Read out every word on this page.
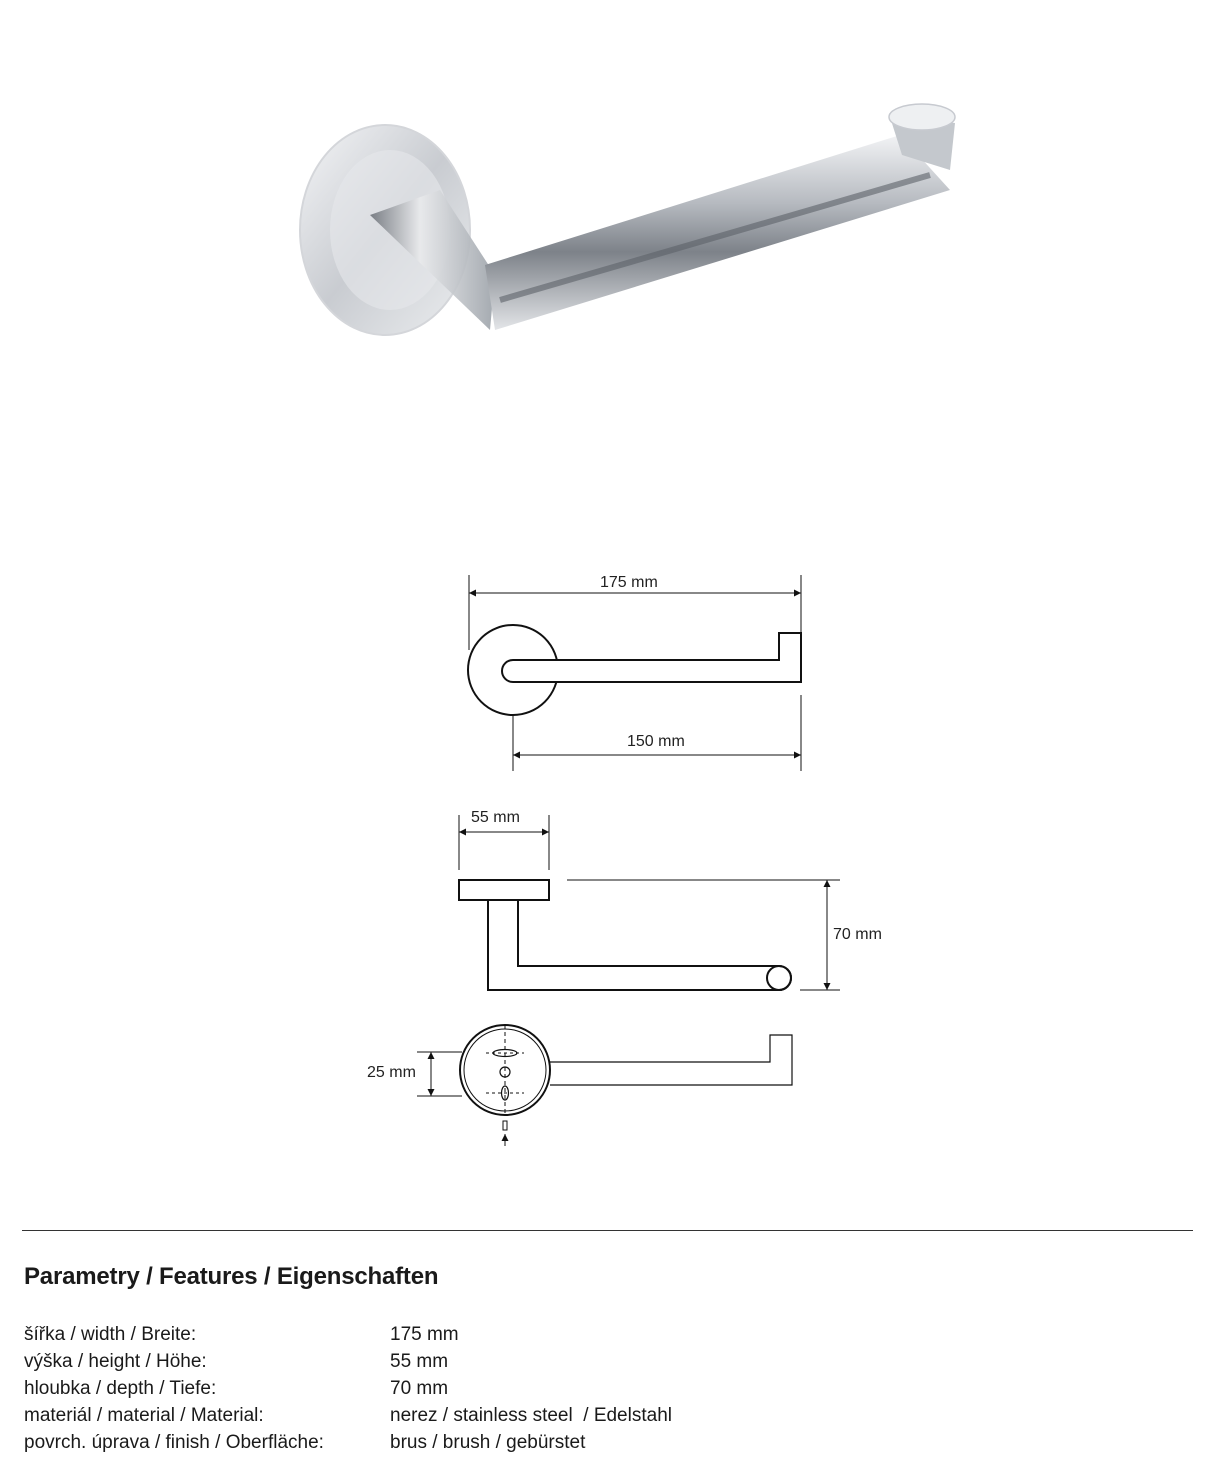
175 mm
150 mm
55 mm
70 mm
25 mm
Parametry / Features / Eigenschaften
šířka / width / Breite:	175 mm
výška / height / Höhe:	55 mm
hloubka / depth / Tiefe:	70 mm
materiál / material / Material:	nerez / stainless steel  / Edelstahl
povrch. úprava / finish / Oberfläche:	brus / brush / gebürstet
